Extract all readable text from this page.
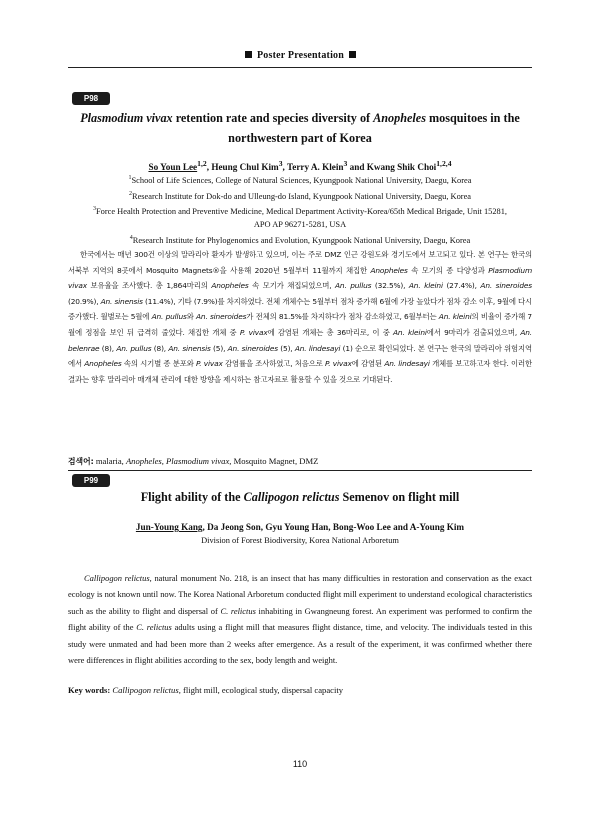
Poster Presentation
P98
Plasmodium vivax retention rate and species diversity of Anopheles mosquitoes in the
northwestern part of Korea
So Youn Lee$^{1,2}$, Heung Chul Kim$^3$, Terry A. Klein$^3$ and Kwang Shik Choi$^{1,2,4}$
$^1$School of Life Sciences, College of Natural Sciences, Kyungpook National University, Daegu, Korea
$^2$Research Institute for Dok-do and Ulleung-do Island, Kyungpook National University, Daegu, Korea
$^3$Force Health Protection and Preventive Medicine, Medical Department Activity-Korea/65th Medical Brigade, Unit 15281,
APO AP 96271-5281, USA
$^4$Research Institute for Phylogenomics and Evolution, Kyungpook National University, Daegu, Korea
한국에서는 매년 300건 이상의 말라리아 환자가 발생하고 있으며, 이는 주로 DMZ 인근 강원도와 경기도에서 보고되고 있다. 본 연구는 한국의 서북부 지역의 8곳에서 Mosquito Magnets®을 사용해 2020년 5월부터 11월까지 채집한 Anopheles 속 모기의 종 다양성과 Plasmodium vivax 보유율을 조사했다. 총 1,864마리의 Anopheles 속 모기가 채집되었으며, An. pullus (32.5%), An. kleini (27.4%), An. sineroides (20.9%), An. sinensis (11.4%), 기타 (7.9%)를 차지하였다. 전체 개체수는 5월부터 점차 증가해 6월에 가장 높았다가 점차 감소 이후, 9월에 다시 증가했다. 월별로는 5월에 An. pullus와 An. sineroides가 전체의 81.5%를 차지하다가 점차 감소하였고, 6월부터는 An. kleini의 비율이 증가해 7월에 정점을 보인 뒤 급격히 줄었다. 채집한 개체 중 P. vivax에 감염된 개체는 총 36마리로, 이 중 An. kleini에서 9마리가 검출되었으며, An. belenrae (8), An. pullus (8), An. sinensis (5), An. sineroides (5), An. lindesayi (1) 순으로 확인되었다. 본 연구는 한국의 말라리아 위험지역에서 Anopheles 속의 시기별 종 분포와 P. vivax 감염률을 조사하였고, 처음으로 P. vivax에 감염된 An. lindesayi 개체를 보고하고자 한다. 이러한 결과는 향후 말라리아 매개체 관리에 대한 방향을 제시하는 참고자료로 활용할 수 있을 것으로 기대된다.
검색어: malaria, Anopheles, Plasmodium vivax, Mosquito Magnet, DMZ
P99
Flight ability of the Callipogon relictus Semenov on flight mill
Jun-Young Kang, Da Jeong Son, Gyu Young Han, Bong-Woo Lee and A-Young Kim
Division of Forest Biodiversity, Korea National Arboretum
Callipogon relictus, natural monument No. 218, is an insect that has many difficulties in restoration and conservation as the exact ecology is not known until now. The Korea National Arboretum conducted flight mill experiment to understand ecological characteristics such as the ability to flight and dispersal of C. relictus inhabiting in Gwangneung forest. An experiment was performed to confirm the flight ability of the C. relictus adults using a flight mill that measures flight distance, time, and velocity. The individuals tested in this study were unmated and had been more than 2 weeks after emergence. As a result of the experiment, it was confirmed whether there were differences in flight abilities according to the sex, body length and weight.
Key words: Callipogon relictus, flight mill, ecological study, dispersal capacity
110
